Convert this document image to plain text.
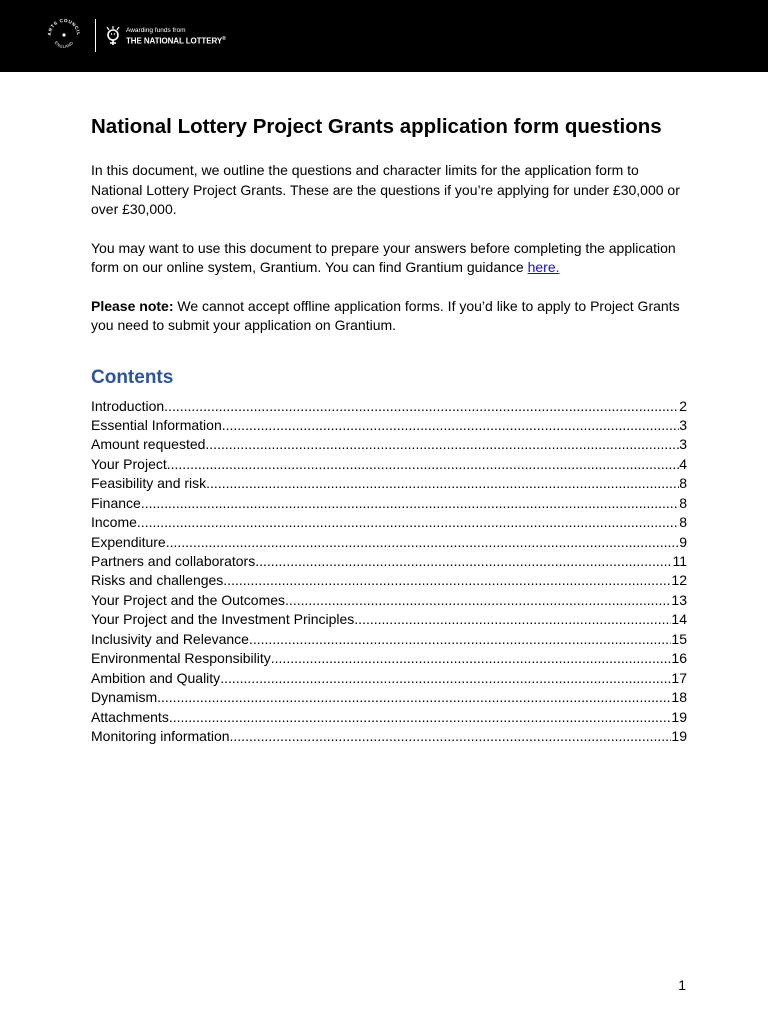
ARTS COUNCIL
ENGLAND
Awarding funds from
THE NATIONAL LOTTERY®
National Lottery Project Grants application form questions

In this document, we outline the questions and character limits for the application form to National Lottery Project Grants. These are the questions if you’re applying for under £30,000 or over £30,000.

You may want to use this document to prepare your answers before completing the application form on our online system, Grantium. You can find Grantium guidance here.

Please note: We cannot accept offline application forms. If you’d like to apply to Project Grants you need to submit your application on Grantium.

Contents
Introduction .....	2
Essential Information .....	3
Amount requested .....	3
Your Project .....	4
Feasibility and risk .....	8
Finance .....	8
Income .....	8
Expenditure .....	9
Partners and collaborators .....	11
Risks and challenges .....	12
Your Project and the Outcomes .....	13
Your Project and the Investment Principles .....	14
Inclusivity and Relevance .....	15
Environmental Responsibility .....	16
Ambition and Quality .....	17
Dynamism .....	18
Attachments .....	19
Monitoring information .....	19
1
